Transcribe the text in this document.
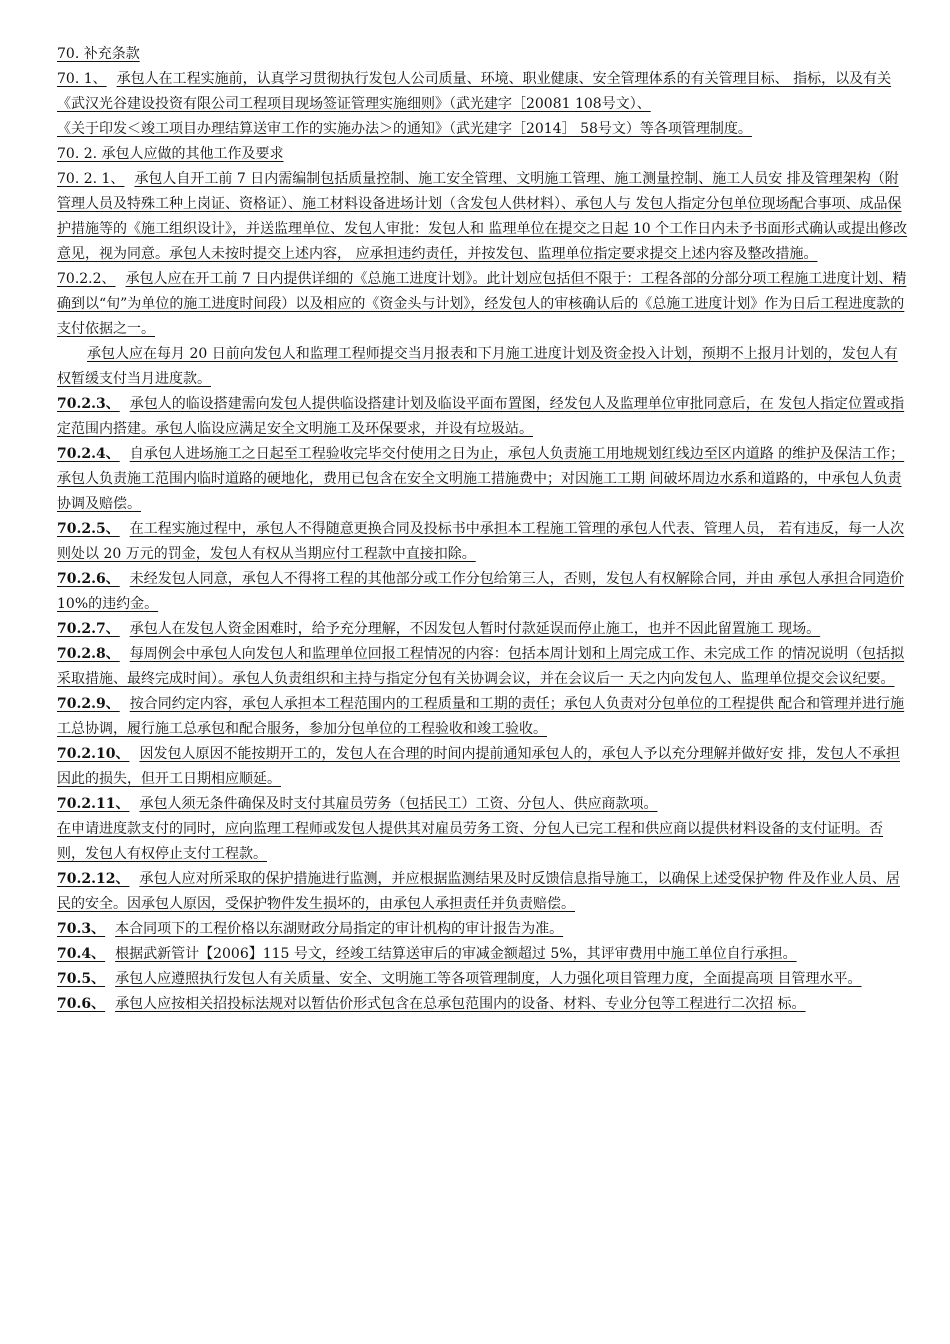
70. 补充条款

70. 1、 承包人在工程实施前，认真学习贯彻执行发包人公司质量、环境、职业健康、安全管理体系的有关管理目标、 指标，以及有关《武汉光谷建设投资有限公司工程项目现场签证管理实施细则》（武光建字［20081 108号文）、

《关于印发＜竣工项目办理结算送审工作的实施办法＞的通知》（武光建字［2014］ 58号文）等各项管理制度。

70. 2. 承包人应做的其他工作及要求

70. 2. 1、 承包人自开工前 7 日内需编制包括质量控制、施工安全管理、文明施工管理、施工测量控制、施工人员安 排及管理架构（附管理人员及特殊工种上岗证、资格证）、施工材料设备进场计划（含发包人供材料）、承包人与 发包人指定分包单位现场配合事项、成品保护措施等的《施工组织设计》，并送监理单位、发包人审批：发包人和 监理单位在提交之日起 10 个工作日内未予书面形式确认或提出修改意见，视为同意。承包人未按时提交上述内容， 应承担违约责任，并按发包、监理单位指定要求提交上述内容及整改措施。

70.2.2、 承包人应在开工前 7 日内提供详细的《总施工进度计划》。此计划应包括但不限于：工程各部的分部分项工程施工进度计划、精确到以“旬”为单位的施工进度时间段）以及相应的《资金头与计划》，经发包人的审核确认后的《总施工进度计划》作为日后工程进度款的支付依据之一。

承包人应在每月 20 日前向发包人和监理工程师提交当月报表和下月施工进度计划及资金投入计划，预期不上报月计划的，发包人有权暂缓支付当月进度款。

70.2.3、 承包人的临设搭建需向发包人提供临设搭建计划及临设平面布置图，经发包人及监理单位审批同意后，在 发包人指定位置或指定范围内搭建。承包人临设应满足安全文明施工及环保要求，并设有垃圾站。

70.2.4、 自承包人进场施工之日起至工程验收完毕交付使用之日为止，承包人负责施工用地规划红线边至区内道路 的维护及保洁工作；承包人负责施工范围内临时道路的硬地化，费用已包含在安全文明施工措施费中；对因施工工期 间破坏周边水系和道路的，中承包人负责协调及赔偿。

70.2.5、 在工程实施过程中，承包人不得随意更换合同及投标书中承担本工程施工管理的承包人代表、管理人员， 若有违反，每一人次则处以 20 万元的罚金，发包人有权从当期应付工程款中直接扣除。

70.2.6、 未经发包人同意，承包人不得将工程的其他部分或工作分包给第三人，否则，发包人有权解除合同，并由 承包人承担合同造价 10%的违约金。

70.2.7、 承包人在发包人资金困难时，给予充分理解，不因发包人暂时付款延误而停止施工，也并不因此留置施工 现场。

70.2.8、 每周例会中承包人向发包人和监理单位回报工程情况的内容：包括本周计划和上周完成工作、未完成工作 的情况说明（包括拟采取措施、最终完成时间）。承包人负责组织和主持与指定分包有关协调会议，并在会议后一 天之内向发包人、监理单位提交会议纪要。

70.2.9、 按合同约定内容，承包人承担本工程范围内的工程质量和工期的责任；承包人负责对分包单位的工程提供 配合和管理并进行施工总协调，履行施工总承包和配合服务，参加分包单位的工程验收和竣工验收。

70.2.10、 因发包人原因不能按期开工的，发包人在合理的时间内提前通知承包人的，承包人予以充分理解并做好安 排，发包人不承担因此的损失，但开工日期相应顺延。

70.2.11、 承包人须无条件确保及时支付其雇员劳务（包括民工）工资、分包人、供应商款项。

在申请进度款支付的同时，应向监理工程师或发包人提供其对雇员劳务工资、分包人已完工程和供应商以提供材料设备的支付证明。否则，发包人有权停止支付工程款。

70.2.12、 承包人应对所采取的保护措施进行监测，并应根据监测结果及时反馈信息指导施工，以确保上述受保护物 件及作业人员、居民的安全。因承包人原因，受保护物件发生损坏的，由承包人承担责任并负责赔偿。

70.3、 本合同项下的工程价格以东湖财政分局指定的审计机构的审计报告为准。

70.4、 根据武新管计【2006】115 号文，经竣工结算送审后的审减金额超过 5%，其评审费用中施工单位自行承担。

70.5、 承包人应遵照执行发包人有关质量、安全、文明施工等各项管理制度，人力强化项目管理力度，全面提高项 目管理水平。

70.6、 承包人应按相关招投标法规对以暂估价形式包含在总承包范围内的设备、材料、专业分包等工程进行二次招 标。
